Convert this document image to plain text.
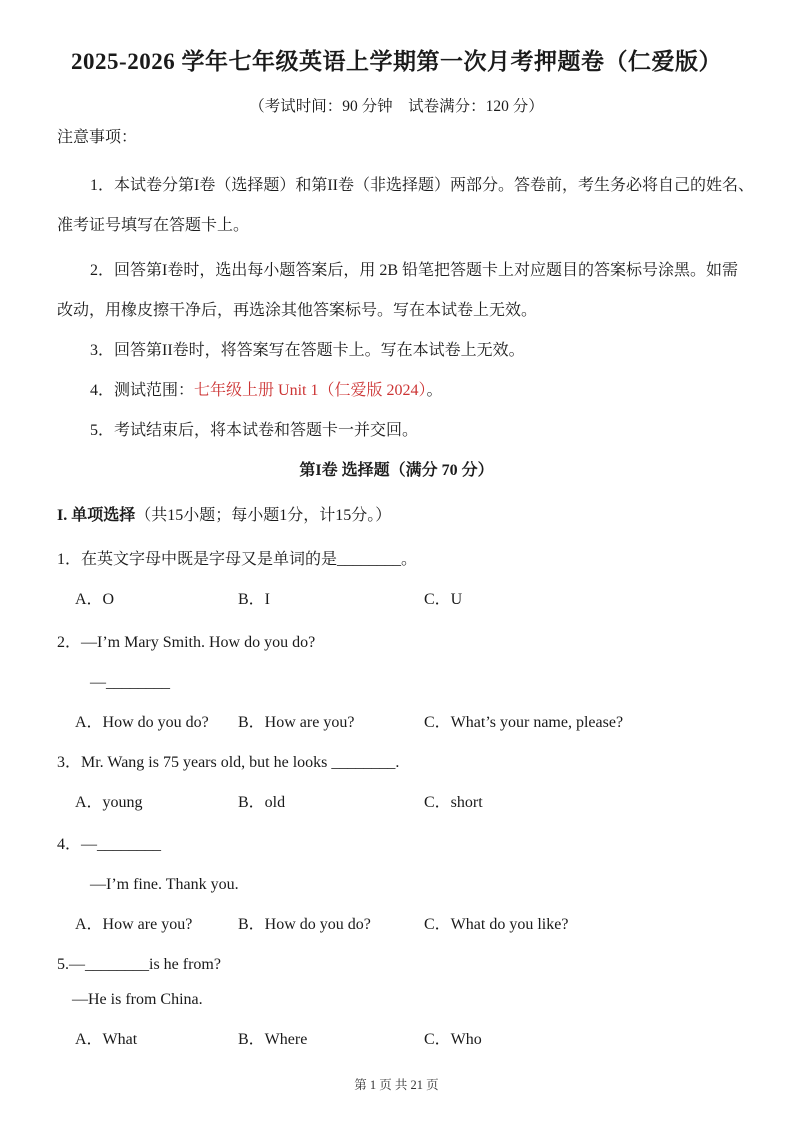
2025-2026 学年七年级英语上学期第一次月考押题卷（仁爱版）
（考试时间：90 分钟　试卷满分：120 分）
注意事项：
1．本试卷分第I卷（选择题）和第II卷（非选择题）两部分。答卷前，考生务必将自己的姓名、
准考证号填写在答题卡上。
2．回答第I卷时，选出每小题答案后，用 2B 铅笔把答题卡上对应题目的答案标号涂黑。如需
改动，用橡皮擦干净后，再选涂其他答案标号。写在本试卷上无效。
3．回答第II卷时，将答案写在答题卡上。写在本试卷上无效。
4．测试范围：七年级上册 Unit 1（仁爱版 2024）。
5．考试结束后，将本试卷和答题卡一并交回。
第I卷 选择题（满分 70 分）
I. 单项选择（共15小题；每小题1分，计15分。）
1．在英文字母中既是字母又是单词的是________。
A．O	B．I	C．U
2．—I’m Mary Smith. How do you do?
—________
A．How do you do?	B．How are you?	C．What’s your name, please?
3．Mr. Wang is 75 years old, but he looks ________.
A．young	B．old	C．short
4．—________
—I’m fine. Thank you.
A．How are you?	B．How do you do?	C．What do you like?
5.—________is he from?
—He is from China.
A．What	B．Where	C．Who
第 1 页 共 21 页
